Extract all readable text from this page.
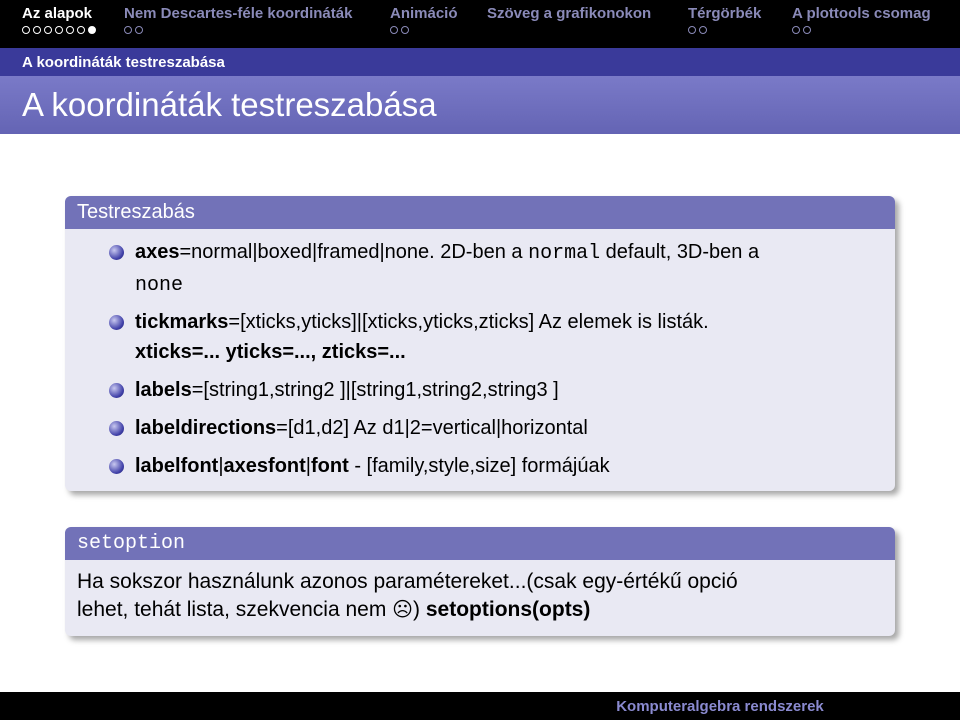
Az alapok Nem Descartes-féle koordináták	Animáció Szöveg a grafikonokon Térgörbék A plottools csomag
A koordináták testreszabása
A koordináták testreszabása
Testreszabás
axes=normal|boxed|framed|none. 2D-ben a normal default, 3D-ben a
none
tickmarks=[xticks,yticks]|[xticks,yticks,zticks] Az elemek is listák.
xticks=... yticks=..., zticks=...
labels=[string1,string2 ]|[string1,string2,string3 ]
labeldirections=[d1,d2] Az d1|2=vertical|horizontal
labelfont|axesfont|font - [family,style,size] formájúak
setoption
Ha sokszor használunk azonos paramétereket...(csak egy-értékű opció
lehet, tehát lista, szekvencia nem ☹) setoptions(opts)
Komputeralgebra rendszerek
